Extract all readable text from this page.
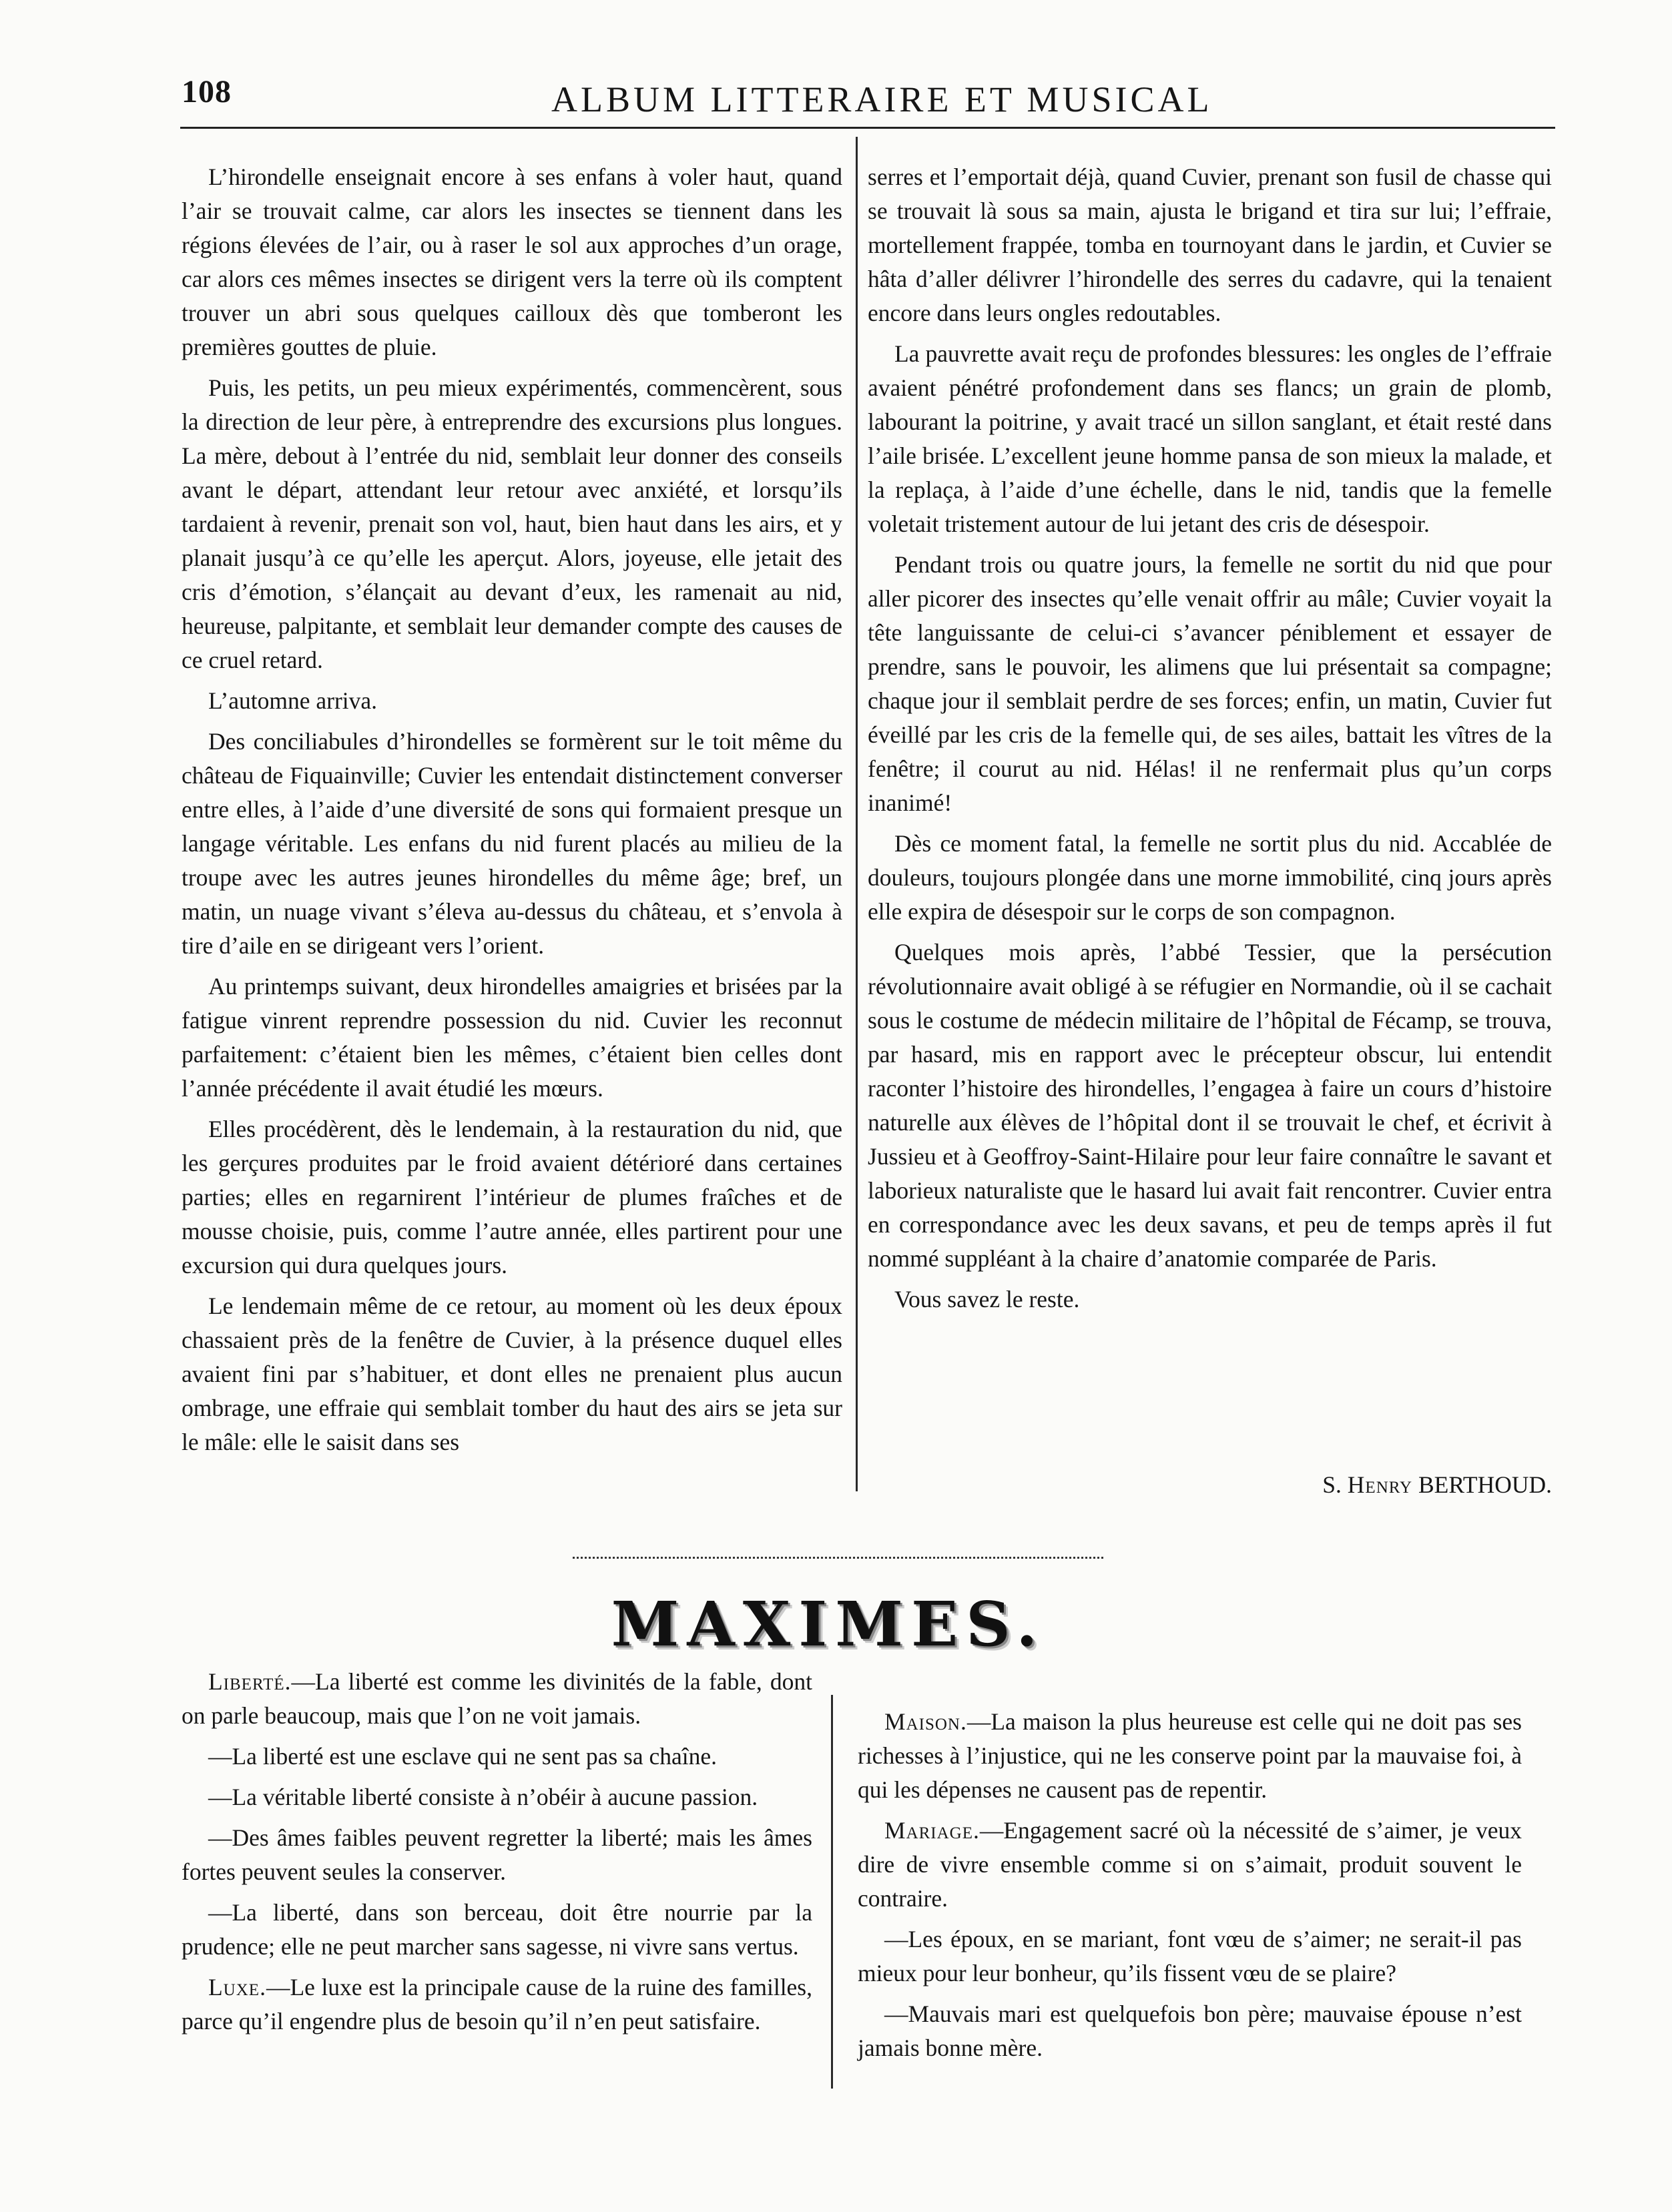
108	ALBUM LITTERAIRE ET MUSICAL

L’hirondelle enseignait encore à ses enfans à voler haut, quand l’air se trouvait calme, car alors les insectes se tiennent dans les régions élevées de l’air, ou à raser le sol aux approches d’un orage, car alors ces mêmes insectes se dirigent vers la terre où ils comptent trouver un abri sous quelques cailloux dès que tomberont les premières gouttes de pluie.

Puis, les petits, un peu mieux expérimentés, commencèrent, sous la direction de leur père, à entreprendre des excursions plus longues. La mère, debout à l’entrée du nid, semblait leur donner des conseils avant le départ, attendant leur retour avec anxiété, et lorsqu’ils tardaient à revenir, prenait son vol, haut, bien haut dans les airs, et y planait jusqu’à ce qu’elle les aperçut. Alors, joyeuse, elle jetait des cris d’émotion, s’élançait au devant d’eux, les ramenait au nid, heureuse, palpitante, et semblait leur demander compte des causes de ce cruel retard.

L’automne arriva.

Des conciliabules d’hirondelles se formèrent sur le toit même du château de Fiquainville; Cuvier les entendait distinctement converser entre elles, à l’aide d’une diversité de sons qui formaient presque un langage véritable. Les enfans du nid furent placés au milieu de la troupe avec les autres jeunes hirondelles du même âge; bref, un matin, un nuage vivant s’éleva au-dessus du château, et s’envola à tire d’aile en se dirigeant vers l’orient.

Au printemps suivant, deux hirondelles amaigries et brisées par la fatigue vinrent reprendre possession du nid. Cuvier les reconnut parfaitement: c’étaient bien les mêmes, c’étaient bien celles dont l’année précédente il avait étudié les mœurs.

Elles procédèrent, dès le lendemain, à la restauration du nid, que les gerçures produites par le froid avaient détérioré dans certaines parties; elles en regarnirent l’intérieur de plumes fraîches et de mousse choisie, puis, comme l’autre année, elles partirent pour une excursion qui dura quelques jours.

Le lendemain même de ce retour, au moment où les deux époux chassaient près de la fenêtre de Cuvier, à la présence duquel elles avaient fini par s’habituer, et dont elles ne prenaient plus aucun ombrage, une effraie qui semblait tomber du haut des airs se jeta sur le mâle: elle le saisit dans ses

serres et l’emportait déjà, quand Cuvier, prenant son fusil de chasse qui se trouvait là sous sa main, ajusta le brigand et tira sur lui; l’effraie, mortellement frappée, tomba en tournoyant dans le jardin, et Cuvier se hâta d’aller délivrer l’hirondelle des serres du cadavre, qui la tenaient encore dans leurs ongles redoutables.

La pauvrette avait reçu de profondes blessures: les ongles de l’effraie avaient pénétré profondement dans ses flancs; un grain de plomb, labourant la poitrine, y avait tracé un sillon sanglant, et était resté dans l’aile brisée. L’excellent jeune homme pansa de son mieux la malade, et la replaça, à l’aide d’une échelle, dans le nid, tandis que la femelle voletait tristement autour de lui jetant des cris de désespoir.

Pendant trois ou quatre jours, la femelle ne sortit du nid que pour aller picorer des insectes qu’elle venait offrir au mâle; Cuvier voyait la tête languissante de celui-ci s’avancer péniblement et essayer de prendre, sans le pouvoir, les alimens que lui présentait sa compagne; chaque jour il semblait perdre de ses forces; enfin, un matin, Cuvier fut éveillé par les cris de la femelle qui, de ses ailes, battait les vîtres de la fenêtre; il courut au nid. Hélas! il ne renfermait plus qu’un corps inanimé!

Dès ce moment fatal, la femelle ne sortit plus du nid. Accablée de douleurs, toujours plongée dans une morne immobilité, cinq jours après elle expira de désespoir sur le corps de son compagnon.

Quelques mois après, l’abbé Tessier, que la persécution révolutionnaire avait obligé à se réfugier en Normandie, où il se cachait sous le costume de médecin militaire de l’hôpital de Fécamp, se trouva, par hasard, mis en rapport avec le précepteur obscur, lui entendit raconter l’histoire des hirondelles, l’engagea à faire un cours d’histoire naturelle aux élèves de l’hôpital dont il se trouvait le chef, et écrivit à Jussieu et à Geoffroy-Saint-Hilaire pour leur faire connaître le savant et laborieux naturaliste que le hasard lui avait fait rencontrer. Cuvier entra en correspondance avec les deux savans, et peu de temps après il fut nommé suppléant à la chaire d’anatomie comparée de Paris.

Vous savez le reste.

S. Henry BERTHOUD.
MAXIMES.

Liberté.—La liberté est comme les divinités de la fable, dont on parle beaucoup, mais que l’on ne voit jamais.

—La liberté est une esclave qui ne sent pas sa chaîne.

—La véritable liberté consiste à n’obéir à aucune passion.

—Des âmes faibles peuvent regretter la liberté; mais les âmes fortes peuvent seules la conserver.

—La liberté, dans son berceau, doit être nourrie par la prudence; elle ne peut marcher sans sagesse, ni vivre sans vertus.

Luxe.—Le luxe est la principale cause de la ruine des familles, parce qu’il engendre plus de besoin qu’il n’en peut satisfaire.

Maison.—La maison la plus heureuse est celle qui ne doit pas ses richesses à l’injustice, qui ne les conserve point par la mauvaise foi, à qui les dépenses ne causent pas de repentir.

Mariage.—Engagement sacré où la nécessité de s’aimer, je veux dire de vivre ensemble comme si on s’aimait, produit souvent le contraire.

—Les époux, en se mariant, font vœu de s’aimer; ne serait-il pas mieux pour leur bonheur, qu’ils fissent vœu de se plaire?

—Mauvais mari est quelquefois bon père; mauvaise épouse n’est jamais bonne mère.
